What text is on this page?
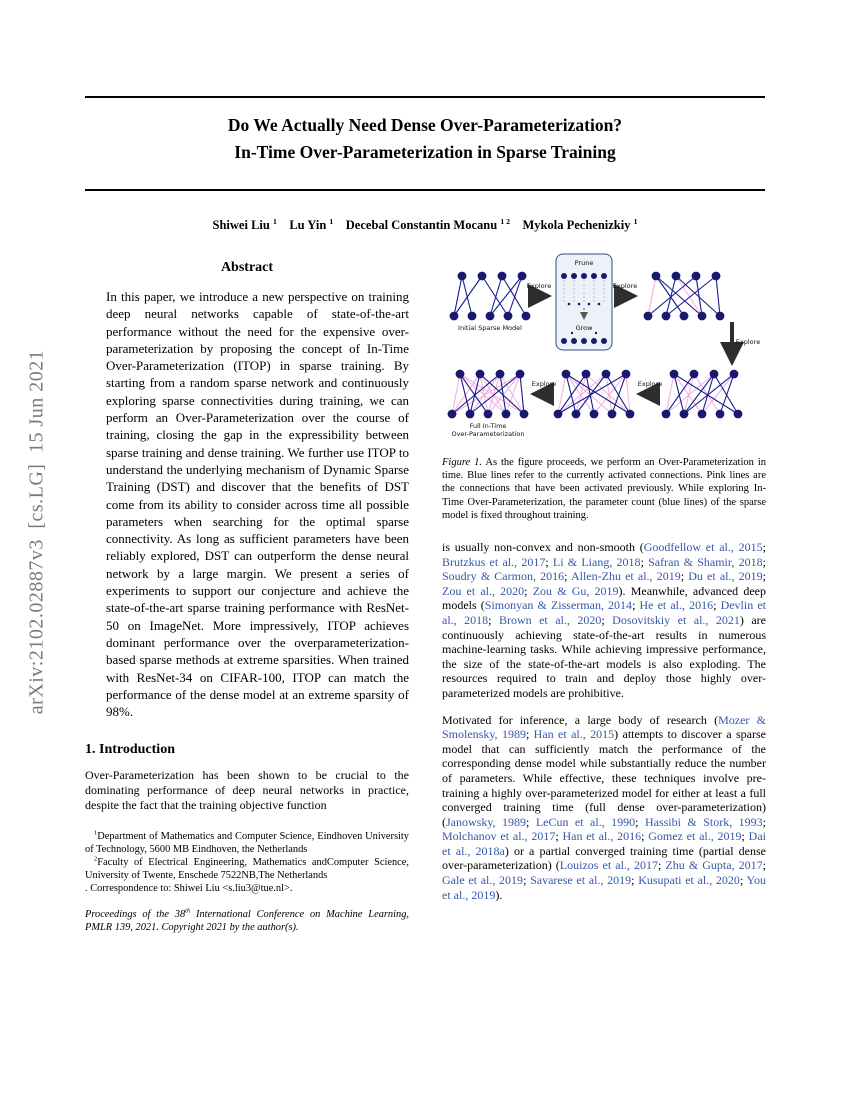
arXiv:2102.02887v3 [cs.LG] 15 Jun 2021
Do We Actually Need Dense Over-Parameterization?
In-Time Over-Parameterization in Sparse Training
Shiwei Liu $^1$  Lu Yin $^1$  Decebal Constantin Mocanu $^{1 2}$  Mykola Pechenizkiy $^1$
Abstract
In this paper, we introduce a new perspective on training deep neural networks capable of state-of-the-art performance without the need for the expensive over-parameterization by proposing the concept of In-Time Over-Parameterization (ITOP) in sparse training. By starting from a random sparse network and continuously exploring sparse connectivities during training, we can perform an Over-Parameterization over the course of training, closing the gap in the expressibility between sparse training and dense training. We further use ITOP to understand the underlying mechanism of Dynamic Sparse Training (DST) and discover that the benefits of DST come from its ability to consider across time all possible parameters when searching for the optimal sparse connectivity. As long as sufficient parameters have been reliably explored, DST can outperform the dense neural network by a large margin. We present a series of experiments to support our conjecture and achieve the state-of-the-art sparse training performance with ResNet-50 on ImageNet. More impressively, ITOP achieves dominant performance over the overparameterization-based sparse methods at extreme sparsities. When trained with ResNet-34 on CIFAR-100, ITOP can match the performance of the dense model at an extreme sparsity of 98%.
1. Introduction
Over-Parameterization has been shown to be crucial to the dominating performance of deep neural networks in practice, despite the fact that the training objective function
$^1$Department of Mathematics and Computer Science, Eindhoven University of Technology, 5600 MB Eindhoven, the Netherlands
$^2$Faculty of Electrical Engineering, Mathematics andComputer Science, University of Twente, Enschede 7522NB,The Netherlands
. Correspondence to: Shiwei Liu <s.liu3@tue.nl>.
Proceedings of the 38th International Conference on Machine Learning, PMLR 139, 2021. Copyright 2021 by the author(s).
Prune
Grow
Explore	Explore
Explore
Explore
Explore
Initial Sparse Model
Full In-Time
Over-Parameterization
Figure 1. As the figure proceeds, we perform an Over-Parameterization in time. Blue lines refer to the currently activated connections. Pink lines are the connections that have been activated previously. While exploring In-Time Over-Parameterization, the parameter count (blue lines) of the sparse model is fixed throughout training.
is usually non-convex and non-smooth (Goodfellow et al., 2015; Brutzkus et al., 2017; Li & Liang, 2018; Safran & Shamir, 2018; Soudry & Carmon, 2016; Allen-Zhu et al., 2019; Du et al., 2019; Zou et al., 2020; Zou & Gu, 2019). Meanwhile, advanced deep models (Simonyan & Zisserman, 2014; He et al., 2016; Devlin et al., 2018; Brown et al., 2020; Dosovitskiy et al., 2021) are continuously achieving state-of-the-art results in numerous machine-learning tasks. While achieving impressive performance, the size of the state-of-the-art models is also exploding. The resources required to train and deploy those highly over-parameterized models are prohibitive.
Motivated for inference, a large body of research (Mozer & Smolensky, 1989; Han et al., 2015) attempts to discover a sparse model that can sufficiently match the performance of the corresponding dense model while substantially reduce the number of parameters. While effective, these techniques involve pre-training a highly over-parameterized model for either at least a full converged training time (full dense over-parameterization) (Janowsky, 1989; LeCun et al., 1990; Hassibi & Stork, 1993; Molchanov et al., 2017; Han et al., 2016; Gomez et al., 2019; Dai et al., 2018a) or a partial converged training time (partial dense over-parameterization) (Louizos et al., 2017; Zhu & Gupta, 2017; Gale et al., 2019; Savarese et al., 2019; Kusupati et al., 2020; You et al., 2019).
